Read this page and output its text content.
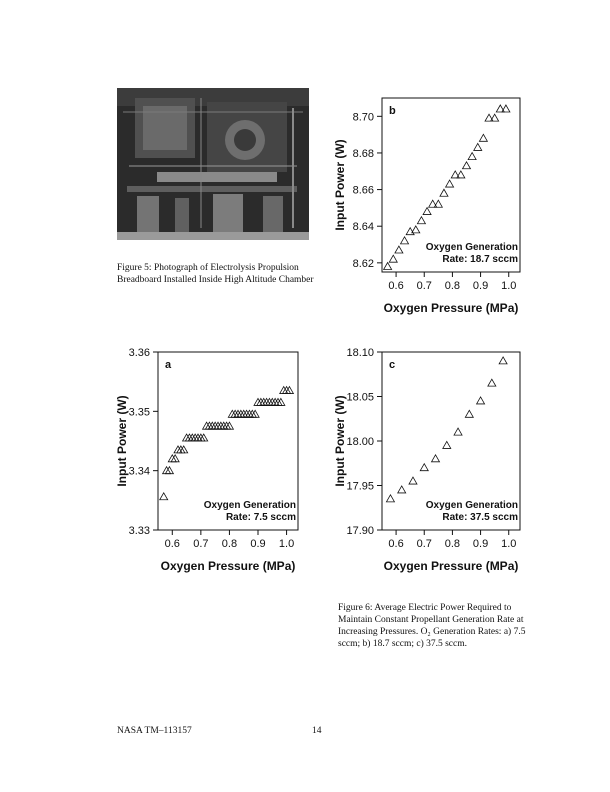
Figure 5: Photograph of Electrolysis Propulsion Breadboard Installed Inside High Altitude Chamber	0.6 0.7 0.8 0.9 1.0
8.62
8.64
8.66
8.68
8.70
b
Oxygen Generation
Rate: 18.7 sccm
Oxygen Pressure (MPa)
Input Power (W)
0.6 0.7 0.8 0.9 1.0
3.33
3.34
3.35
3.36
a
Oxygen Generation
Rate: 7.5 sccm
Oxygen Pressure (MPa)
Input Power (W)
0.6 0.7 0.8 0.9 1.0
17.90
17.95
18.00
18.05
18.10
c
Oxygen Generation
Rate: 37.5 sccm
Oxygen Pressure (MPa)
Input Power (W)
Figure 6: Average Electric Power Required to Maintain Constant Propellant Generation Rate at Increasing Pressures. O₂ Generation Rates: a) 7.5 sccm; b) 18.7 sccm; c) 37.5 sccm.
NASA TM–113157	14
